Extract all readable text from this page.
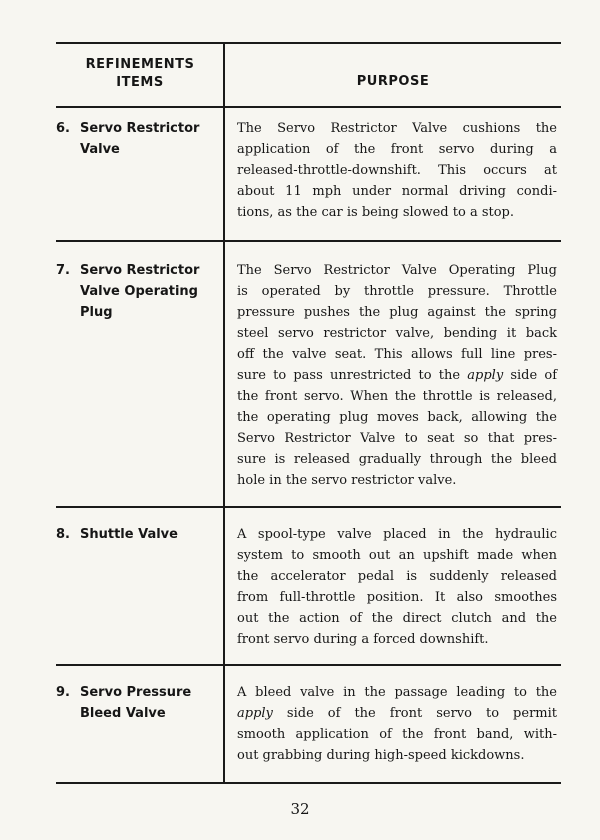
REFINEMENTS
ITEMS	PURPOSE
6. Servo Restrictor
Valve
The Servo Restrictor Valve cushions the
application of the front servo during a
released-throttle-downshift. This occurs at
about 11 mph under normal driving condi-
tions, as the car is being slowed to a stop.
7. Servo Restrictor
Valve Operating
Plug
The Servo Restrictor Valve Operating Plug
is operated by throttle pressure. Throttle
pressure pushes the plug against the spring
steel servo restrictor valve, bending it back
off the valve seat. This allows full line pres-
sure to pass unrestricted to the apply side of
the front servo. When the throttle is released,
the operating plug moves back, allowing the
Servo Restrictor Valve to seat so that pres-
sure is released gradually through the bleed
hole in the servo restrictor valve.
8. Shuttle Valve	A spool-type valve placed in the hydraulic
system to smooth out an upshift made when
the accelerator pedal is suddenly released
from full-throttle position. It also smoothes
out the action of the direct clutch and the
front servo during a forced downshift.
9. Servo Pressure
Bleed Valve
A bleed valve in the passage leading to the
apply side of the front servo to permit
smooth application of the front band, with-
out grabbing during high-speed kickdowns.
32
